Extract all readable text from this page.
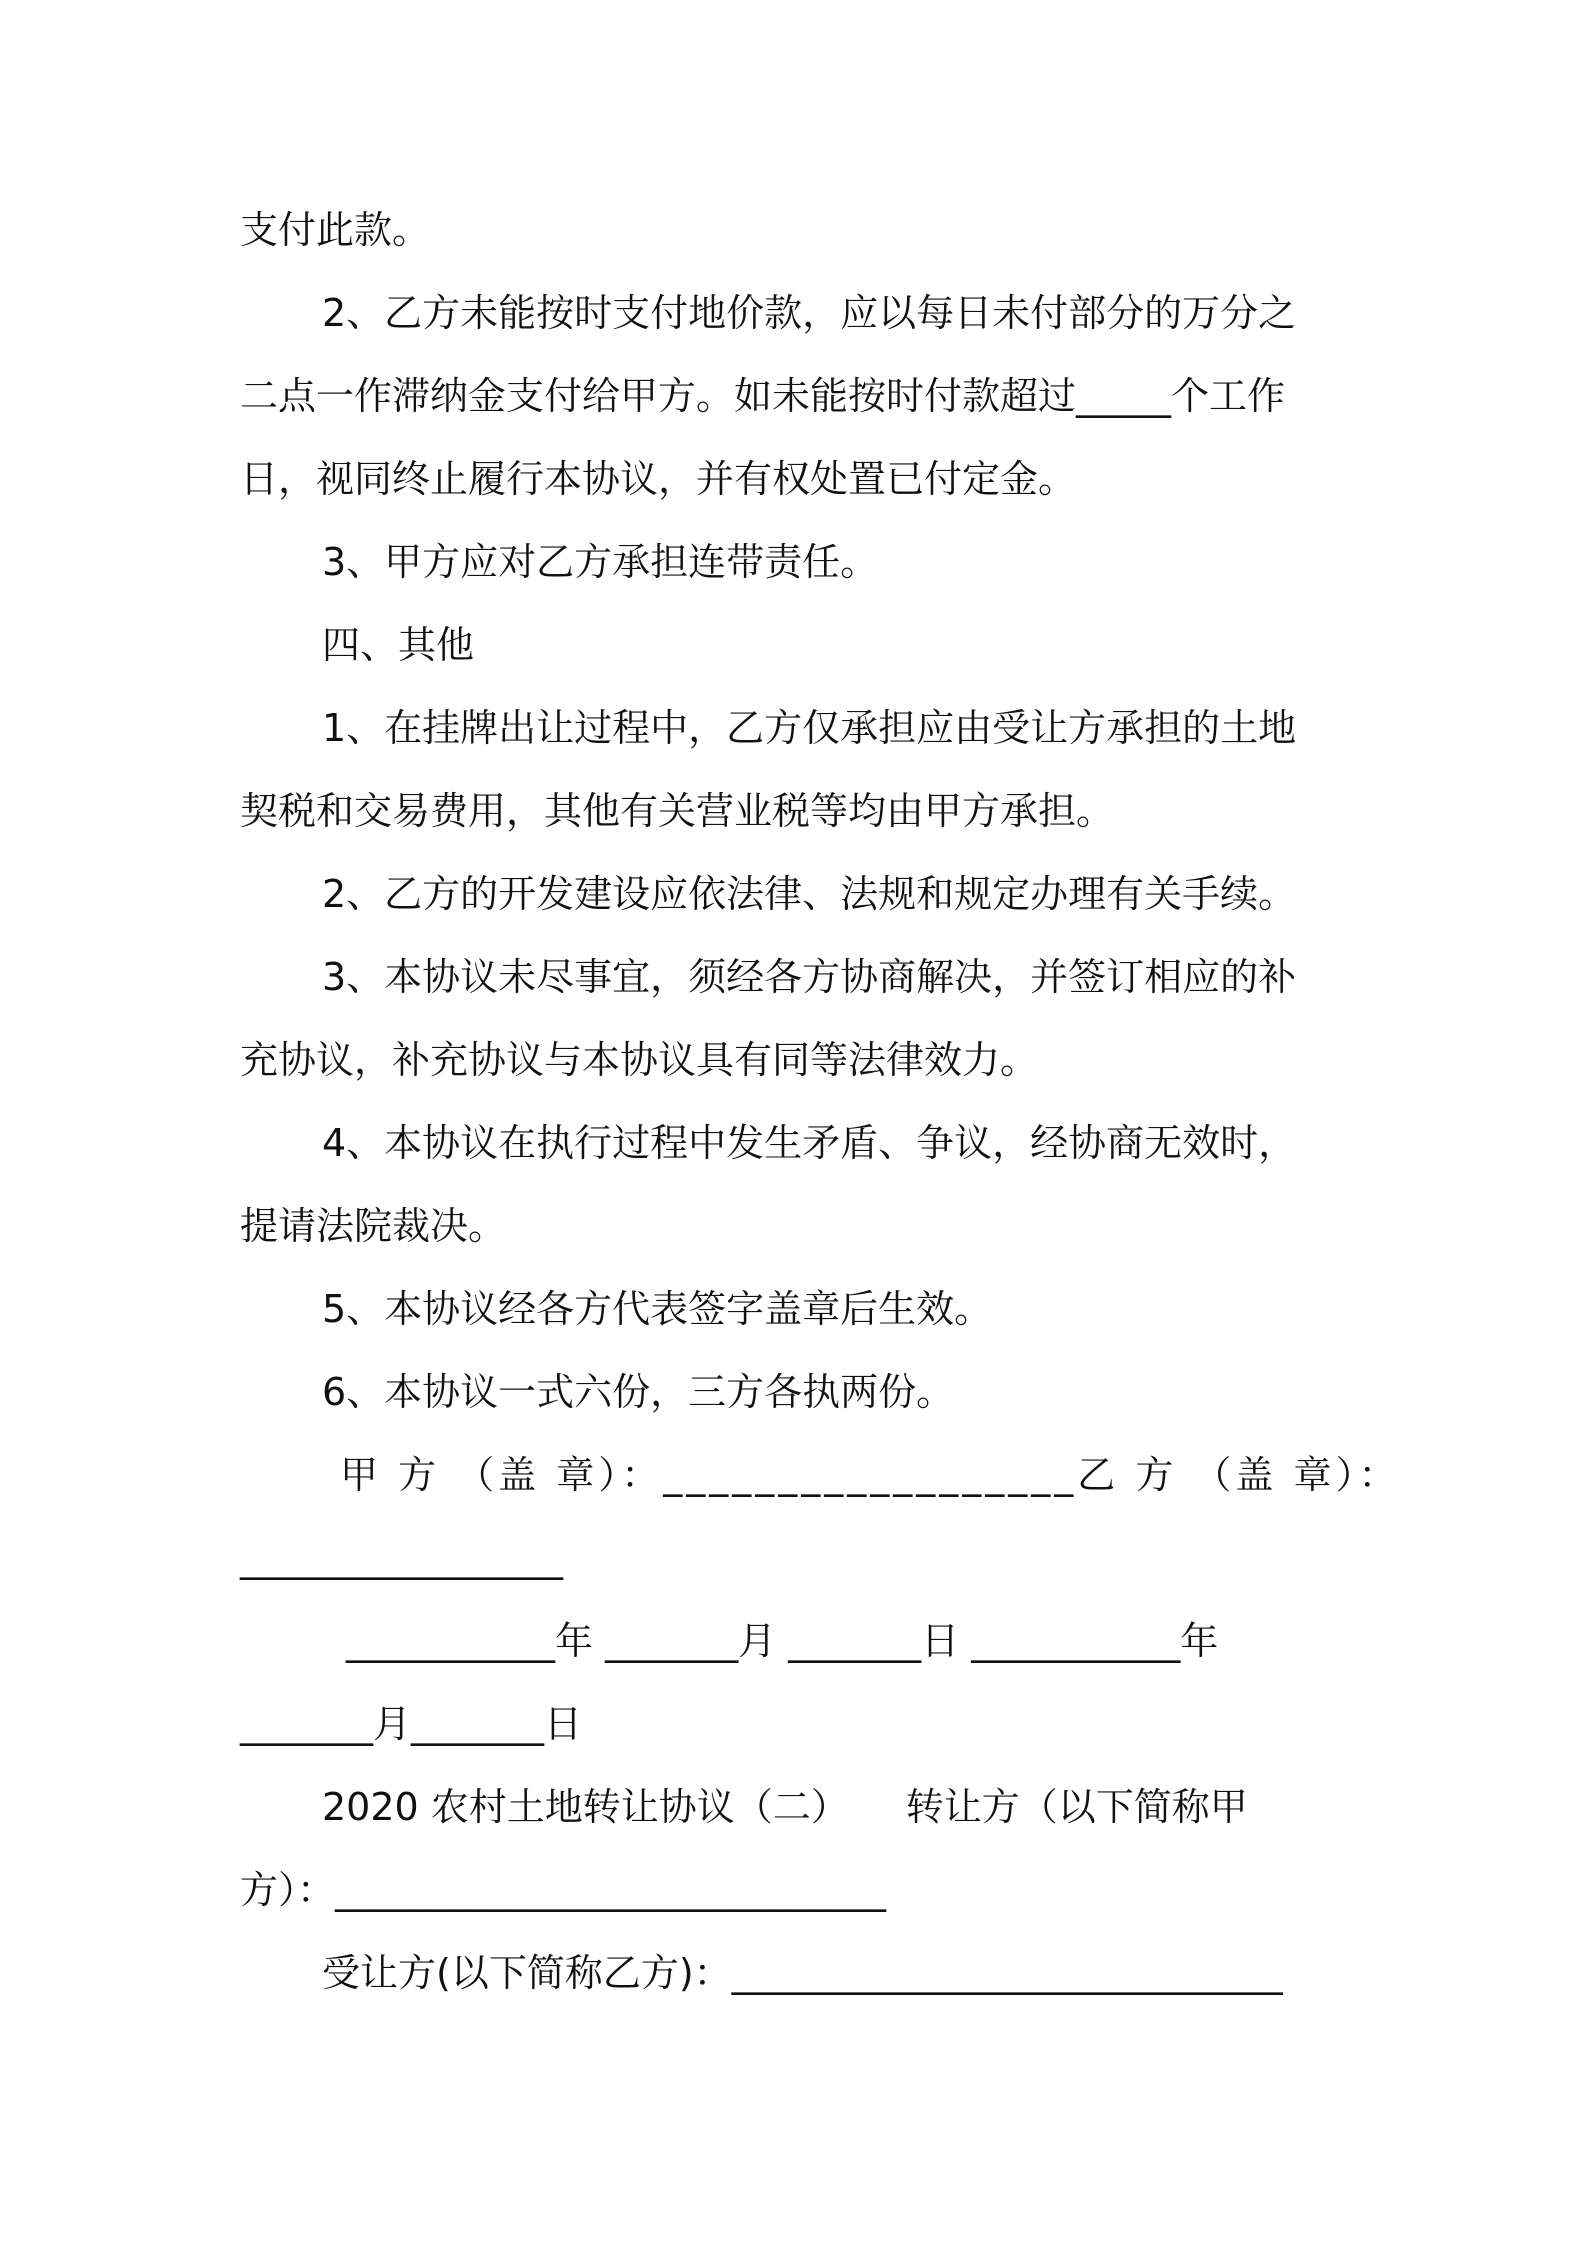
支付此款。
2、乙方未能按时支付地价款，应以每日未付部分的万分之
二点一作滞纳金支付给甲方。如未能按时付款超过_____个工作
日，视同终止履行本协议，并有权处置已付定金。
3、甲方应对乙方承担连带责任。
四、其他
1、在挂牌出让过程中，乙方仅承担应由受让方承担的土地
契税和交易费用，其他有关营业税等均由甲方承担。
2、乙方的开发建设应依法律、法规和规定办理有关手续。
3、本协议未尽事宜，须经各方协商解决，并签订相应的补
充协议，补充协议与本协议具有同等法律效力。
4、本协议在执行过程中发生矛盾、争议，经协商无效时，
提请法院裁决。
5、本协议经各方代表签字盖章后生效。
6、本协议一式六份，三方各执两份。
甲 方 （盖 章）：__________________乙 方 （盖 章）：
_________________
___________年 _______月 _______日 ___________年
_______月_______日
2020 农村土地转让协议（二）　　转让方（以下简称甲
方）：_____________________________
受让方(以下简称乙方)：_____________________________
